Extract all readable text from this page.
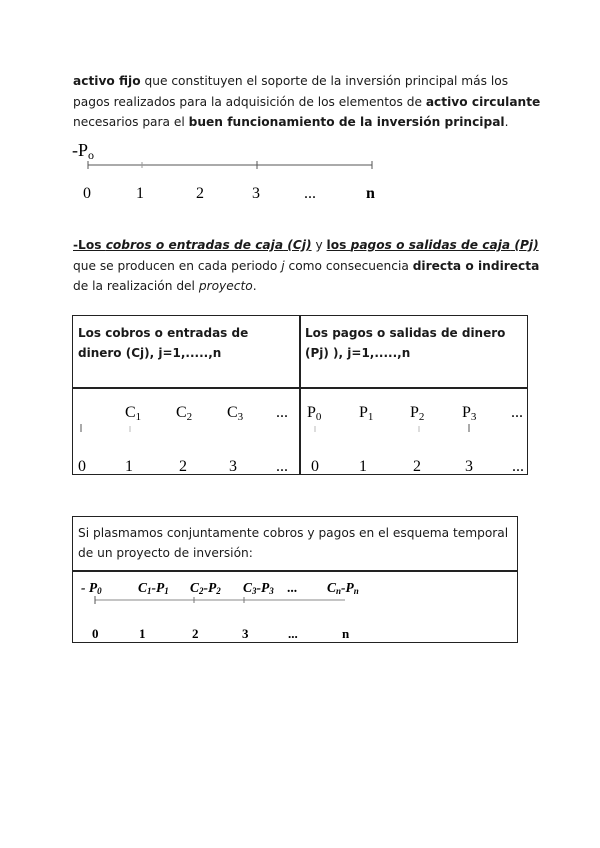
activo fijo que constituyen el soporte de la inversión principal más los pagos realizados para la adquisición de los elementos de activo circulante necesarios para el buen funcionamiento de la inversión principal.
-Po
0	1	2	3	...	n
-Los cobros o entradas de caja (Cj) y los pagos o salidas de caja (Pj) que se producen en cada periodo j como consecuencia directa o indirecta de la realización del proyecto.
Los cobros o entradas de dinero (Cj), j=1,.....,n
Los pagos o salidas de dinero (Pj) ), j=1,.....,n
C1 C2 C3 ...
0 1	2	3 ...
P0 P1 P2 P3 ...
0	1	2	3 ...
Si plasmamos conjuntamente cobros y pagos en el esquema temporal de un proyecto de inversión:
- P0	C1-P1 C2-P2 C3-P3 ... Cn-Pn
0	1	2	3	...	n
